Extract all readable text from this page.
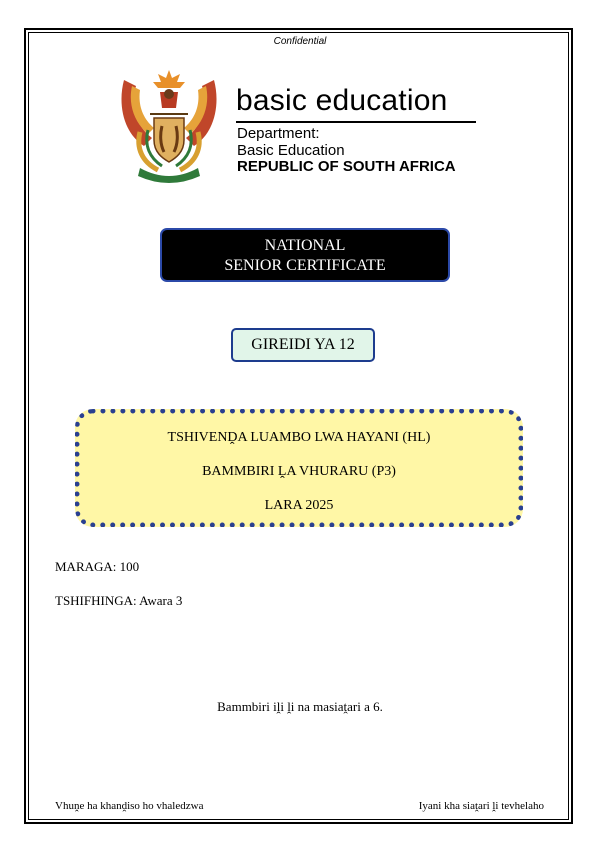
Confidential
basic education
Department:
Basic Education
REPUBLIC OF SOUTH AFRICA
NATIONAL
SENIOR CERTIFICATE
GIREIDI YA 12
TSHIVENḒA LUAMBO LWA HAYANI (HL)
BAMMBIRI ḼA VHURARU (P3)
LARA 2025
MARAGA: 100
TSHIFHINGA: Awara 3
Bammbiri iḽi ḽi na masiaṱari a 6.
Vhuṋe ha khanḓiso ho vhaledzwa	Iyani kha siaṱari ḽi tevhelaho
